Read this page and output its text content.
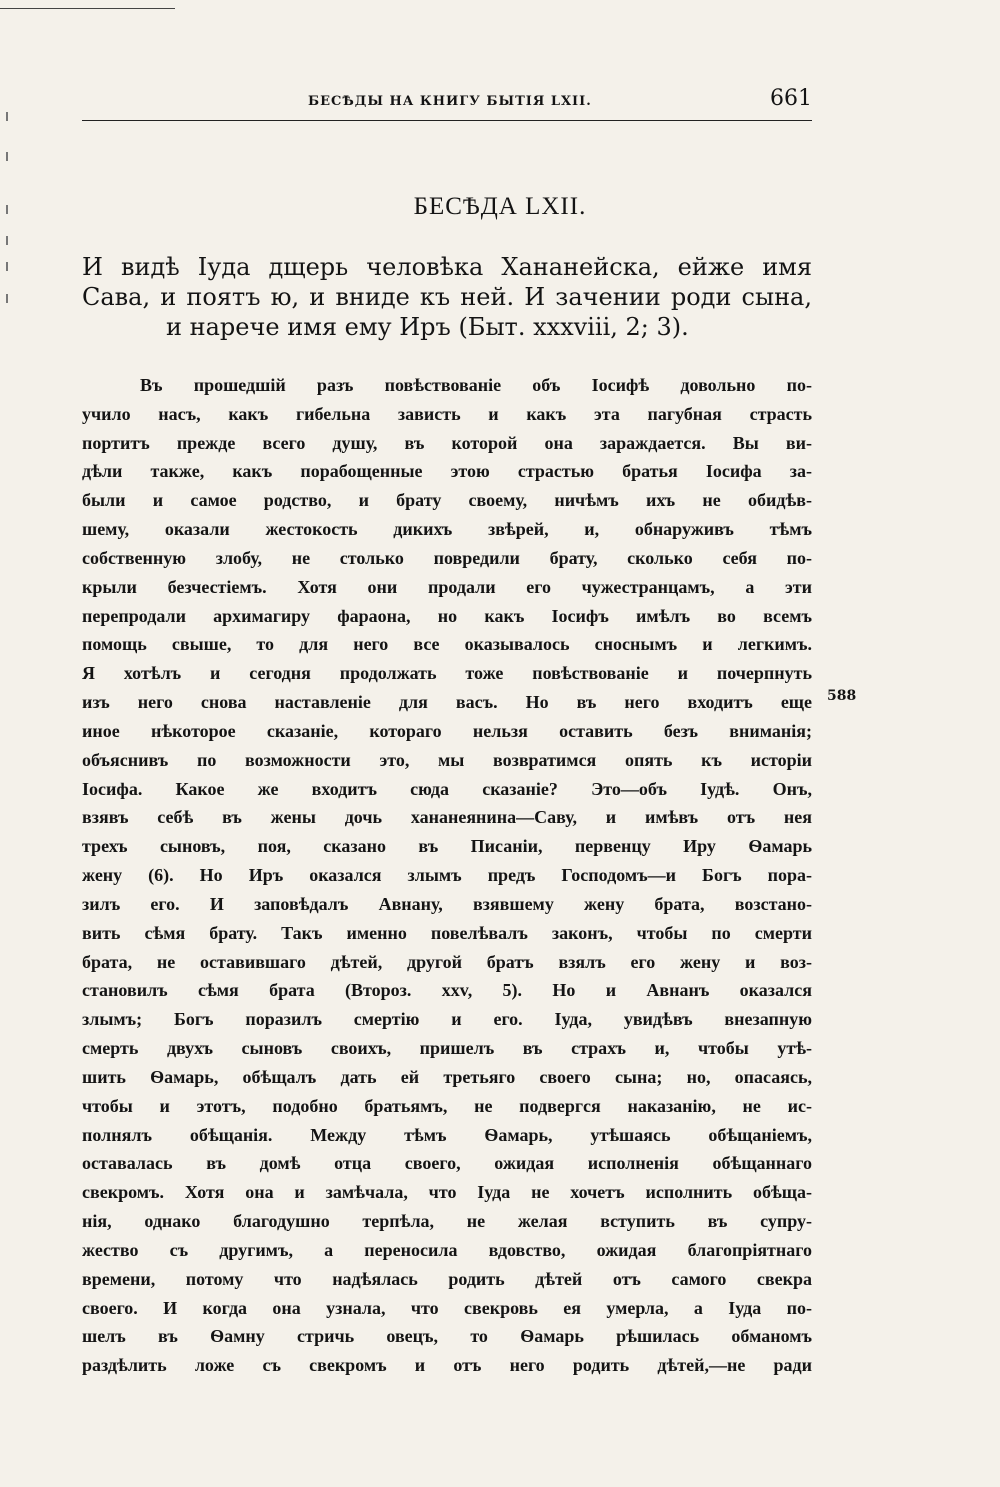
БЕСѢДЫ НА КНИГУ БЫТІЯ LXII.	661
БЕСѢДА LXII.
И видѣ Іуда дщерь человѣка Хананейска, ейже имя
Сава, и поятъ ю, и вниде къ ней. И зачении роди сына,
и нарече имя ему Иръ (Быт. xxxviii, 2; 3).
Въ прошедшій разъ повѣствованіе объ Іосифѣ довольно по-
учило насъ, какъ гибельна зависть и какъ эта пагубная страсть
портитъ прежде всего душу, въ которой она зараждается. Вы ви-
дѣли также, какъ порабощенные этою страстью братья Іосифа за-
были и самое родство, и брату своему, ничѣмъ ихъ не обидѣв-
шему, оказали жестокость дикихъ звѣрей, и, обнаруживъ тѣмъ
собственную злобу, не столько повредили брату, сколько себя по-
крыли безчестіемъ. Хотя они продали его чужестранцамъ, а эти
перепродали архимагиру фараона, но какъ Іосифъ имѣлъ во всемъ
помощь свыше, то для него все оказывалось сноснымъ и легкимъ.
Я хотѣлъ и сегодня продолжать тоже повѣствованіе и почерпнуть
изъ него снова наставленіе для васъ. Но въ него входитъ еще
иное нѣкоторое сказаніе, котораго нельзя оставить безъ вниманія;
объяснивъ по возможности это, мы возвратимся опять къ исторіи
Іосифа. Какое же входитъ сюда сказаніе? Это—объ Іудѣ. Онъ,
взявъ себѣ въ жены дочь хананеянина—Саву, и имѣвъ отъ нея
трехъ сыновъ, поя, сказано въ Писаніи, первенцу Иру Ѳамарь
жену (6). Но Иръ оказался злымъ предъ Господомъ—и Богъ пора-
зилъ его. И заповѣдалъ Авнану, взявшему жену брата, возстано-
вить сѣмя брату. Такъ именно повелѣвалъ законъ, чтобы по смерти
брата, не оставившаго дѣтей, другой братъ взялъ его жену и воз-
становилъ сѣмя брата (Второз. xxv, 5). Но и Авнанъ оказался
злымъ; Богъ поразилъ смертію и его. Іуда, увидѣвъ внезапную
смерть двухъ сыновъ своихъ, пришелъ въ страхъ и, чтобы утѣ-
шить Ѳамарь, обѣщалъ дать ей третьяго своего сына; но, опасаясь,
чтобы и этотъ, подобно братьямъ, не подвергся наказанію, не ис-
полнялъ обѣщанія. Между тѣмъ Ѳамарь, утѣшаясь обѣщаніемъ,
оставалась въ домѣ отца своего, ожидая исполненія обѣщаннаго
свекромъ. Хотя она и замѣчала, что Іуда не хочетъ исполнить обѣща-
нія, однако благодушно терпѣла, не желая вступить въ супру-
жество съ другимъ, а переносила вдовство, ожидая благопріятнаго
времени, потому что надѣялась родить дѣтей отъ самого свекра
своего. И когда она узнала, что свекровь ея умерла, а Іуда по-
шелъ въ Ѳамну стричь овецъ, то Ѳамарь рѣшилась обманомъ
раздѣлить ложе съ свекромъ и отъ него родить дѣтей,—не ради
588
